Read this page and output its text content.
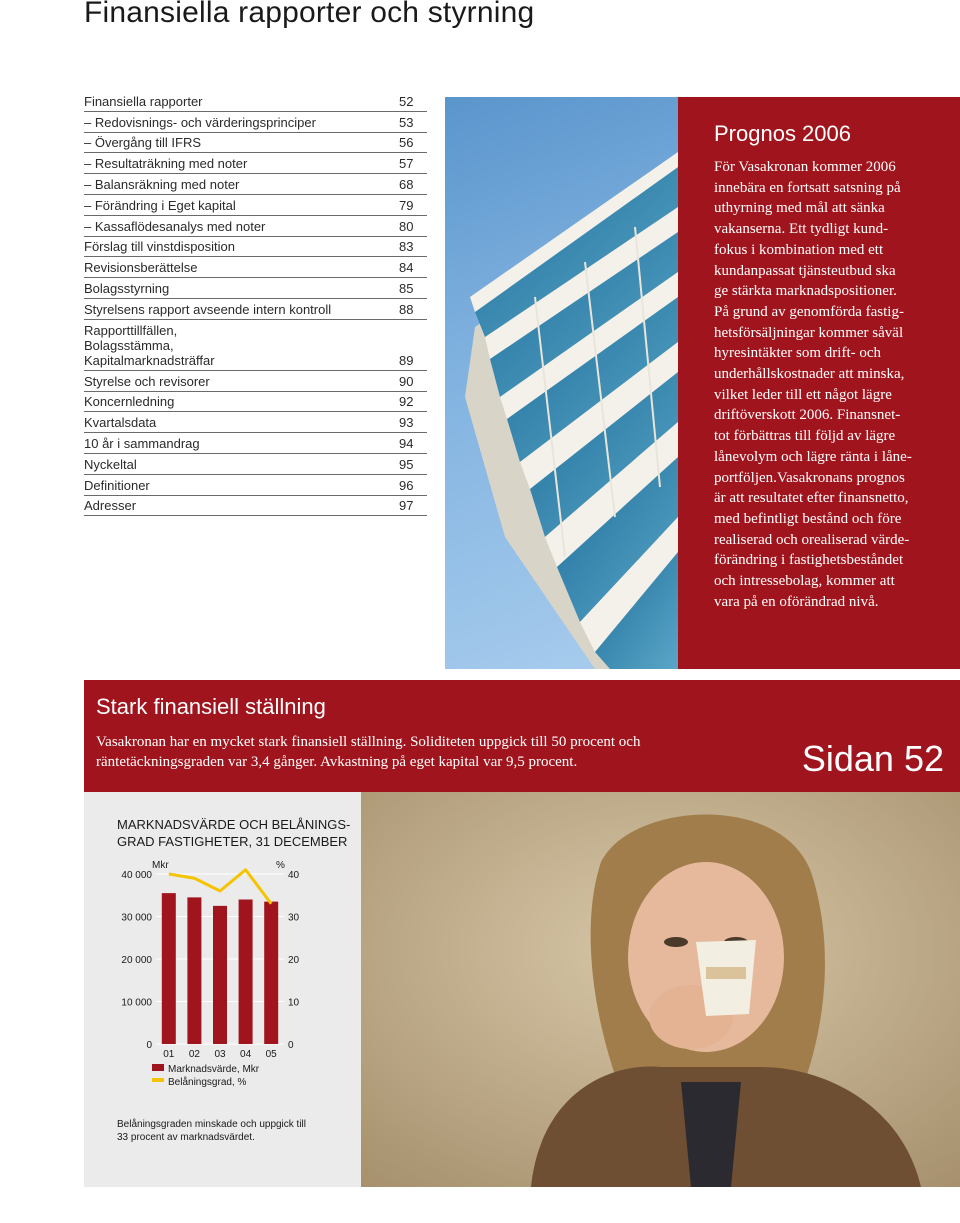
Finansiella rapporter och styrning
Finansiella rapporter	52
– Redovisnings- och värderingsprinciper	53
– Övergång till IFRS	56
– Resultaträkning med noter	57
– Balansräkning med noter	68
– Förändring i Eget kapital	79
– Kassaflödesanalys med noter	80
Förslag till vinstdisposition	83
Revisionsberättelse	84
Bolagsstyrning	85
Styrelsens rapport avseende intern kontroll	88
Rapporttillfällen,
Bolagsstämma,
Kapitalmarknadsträffar	89
Styrelse och revisorer	90
Koncernledning	92
Kvartalsdata	93
10 år i sammandrag	94
Nyckeltal	95
Definitioner	96
Adresser	97
Prognos 2006

För Vasakronan kommer 2006
innebära en fortsatt satsning på
uthyrning med mål att sänka
vakanserna. Ett tydligt kund-
fokus i kombination med ett
kundanpassat tjänsteutbud ska
ge stärkta marknadspositioner.
På grund av genomförda fastig-
hetsförsäljningar kommer såväl
hyresintäkter som drift- och
underhållskostnader att minska,
vilket leder till ett något lägre
driftöverskott 2006. Finansnet-
tot förbättras till följd av lägre
lånevolym och lägre ränta i låne-
portföljen.Vasakronans prognos
är att resultatet efter finansnetto,
med befintligt bestånd och före
realiserad och orealiserad värde-
förändring i fastighetsbeståndet
och intressebolag, kommer att
vara på en oförändrad nivå.

Stark finansiell ställning

Vasakronan har en mycket stark finansiell ställning. Soliditeten uppgick till 50 procent och
räntetäckningsgraden var 3,4 gånger. Avkastning på eget kapital var 9,5 procent.	Sidan 52
MARKNADSVÄRDE OCH BELÅNINGS-
GRAD FASTIGHETER, 31 DECEMBER
Mkr	%
40 000
30 000
20 000
10 000
0
40
30
20
10
0
01 02 03 04 05
Marknadsvärde, Mkr
Belåningsgrad, %
Belåningsgraden minskade och uppgick till
33 procent av marknadsvärdet.
